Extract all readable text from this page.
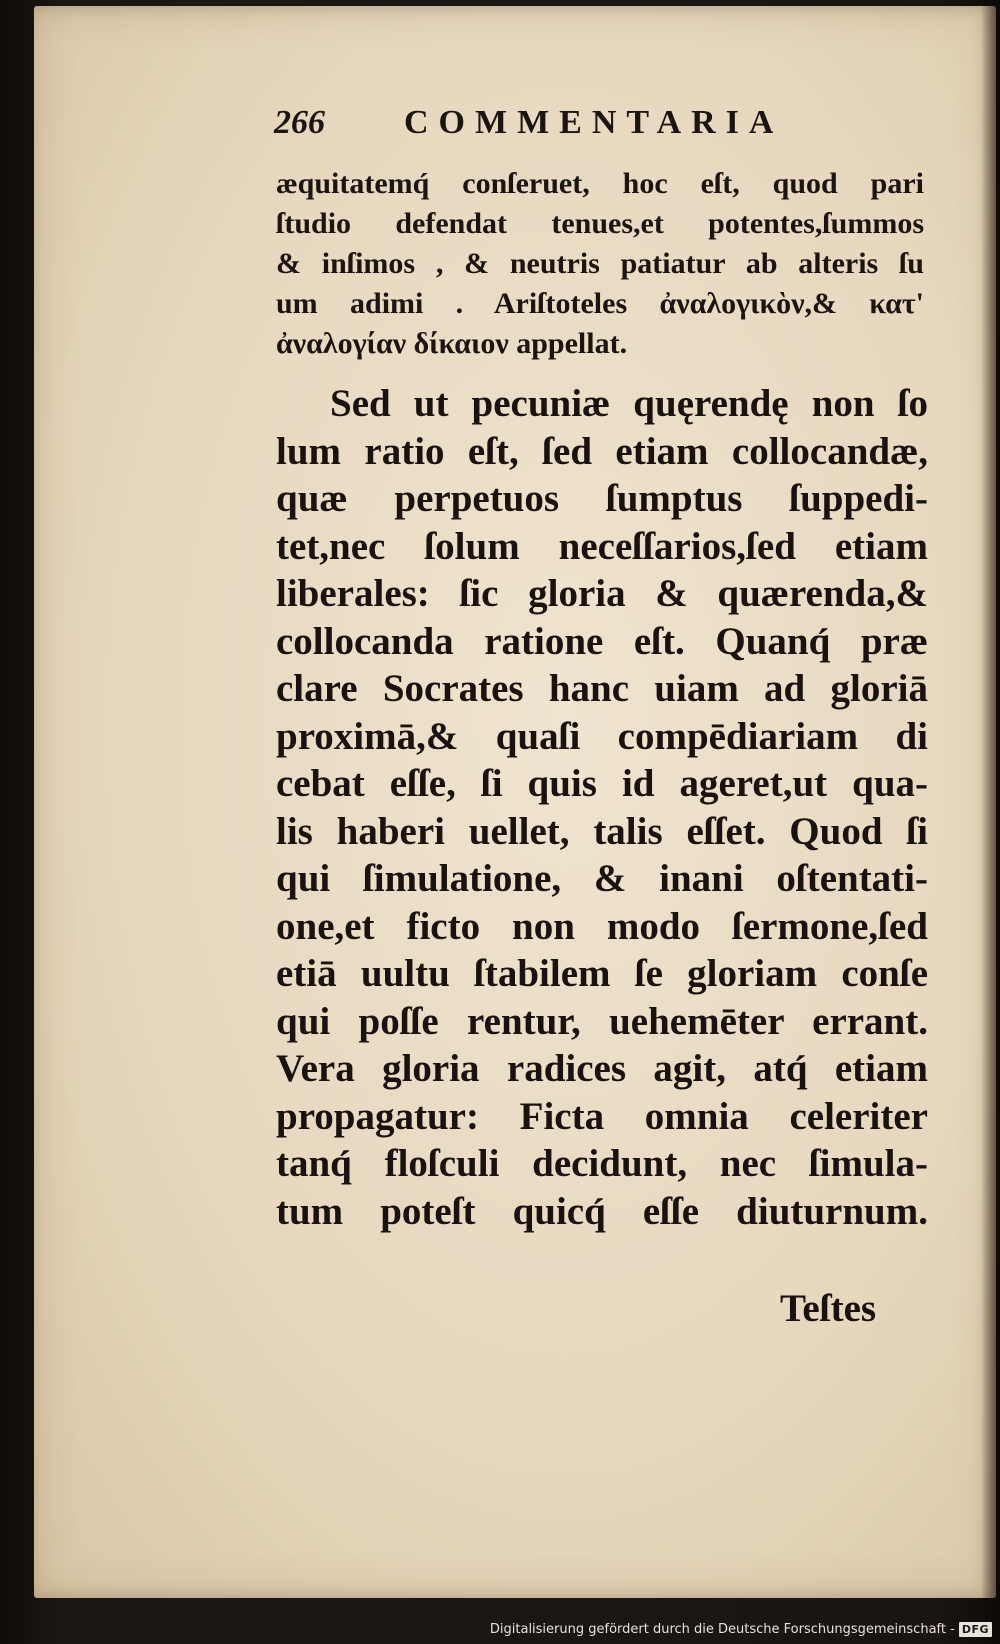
266 COMMENTARIA
æquitatemq́ conſeruet, hoc eſt, quod pari
ſtudio defendat tenues,et potentes,ſummos
& inſimos , & neutris patiatur ab alteris ſu
um adimi . Ariſtoteles ἀναλογικὸν,& κατ'
ἀναλογίαν δίκαιον appellat.
Sed ut pecuniæ quęrendę non ſo
lum ratio eſt, ſed etiam collocandæ,
quæ perpetuos ſumptus ſuppedi-
tet,nec ſolum neceſſarios,ſed etiam
liberales: ſic gloria & quærenda,&
collocanda ratione eſt. Quanq́ præ
clare Socrates hanc uiam ad gloriā
proximā,& quaſi compēdiariam di
cebat eſſe, ſi quis id ageret,ut qua-
lis haberi uellet, talis eſſet. Quod ſi
qui ſimulatione, & inani oſtentati-
one,et ficto non modo ſermone,ſed
etiā uultu ſtabilem ſe gloriam conſe
qui poſſe rentur, uehemēter errant.
Vera gloria radices agit, atq́ etiam
propagatur: Ficta omnia celeriter
tanq́ floſculi decidunt, nec ſimula-
tum poteſt quicq́ eſſe diuturnum.
Teſtes
Digitalisierung gefördert durch die Deutsche Forschungsgemeinschaft - DFG
